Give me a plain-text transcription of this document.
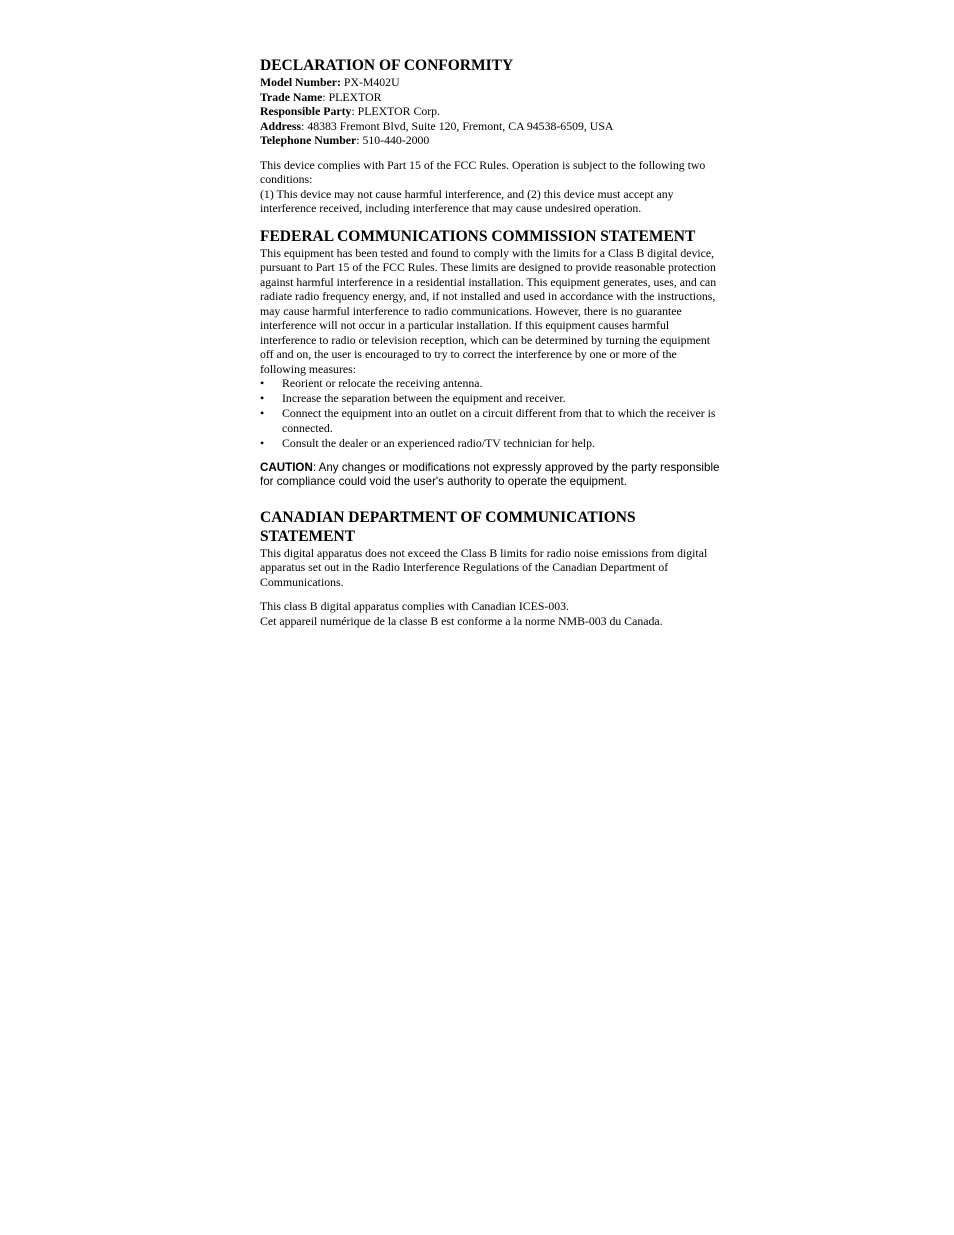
DECLARATION OF CONFORMITY

Model Number: PX-M402U

Trade Name: PLEXTOR

Responsible Party: PLEXTOR Corp.

Address: 48383 Fremont Blvd, Suite 120, Fremont, CA 94538-6509, USA

Telephone Number: 510-440-2000

This device complies with Part 15 of the FCC Rules. Operation is subject to the following two conditions:

(1) This device may not cause harmful interference, and (2) this device must accept any interference received, including interference that may cause undesired operation.

FEDERAL COMMUNICATIONS COMMISSION STATEMENT

This equipment has been tested and found to comply with the limits for a Class B digital device, pursuant to Part 15 of the FCC Rules. These limits are designed to provide reasonable protection against harmful interference in a residential installation. This equipment generates, uses, and can radiate radio frequency energy, and, if not installed and used in accordance with the instructions, may cause harmful interference to radio communications. However, there is no guarantee interference will not occur in a particular installation. If this equipment causes harmful interference to radio or television reception, which can be determined by turning the equipment off and on, the user is encouraged to try to correct the interference by one or more of the following measures:

• Reorient or relocate the receiving antenna.
• Increase the separation between the equipment and receiver.
• Connect the equipment into an outlet on a circuit different from that to which the receiver is connected.
• Consult the dealer or an experienced radio/TV technician for help.

CAUTION: Any changes or modifications not expressly approved by the party responsible for compliance could void the user's authority to operate the equipment.

CANADIAN DEPARTMENT OF COMMUNICATIONS STATEMENT

This digital apparatus does not exceed the Class B limits for radio noise emissions from digital apparatus set out in the Radio Interference Regulations of the Canadian Department of Communications.

This class B digital apparatus complies with Canadian ICES-003.

Cet appareil numérique de la classe B est conforme a la norme NMB-003 du Canada.
